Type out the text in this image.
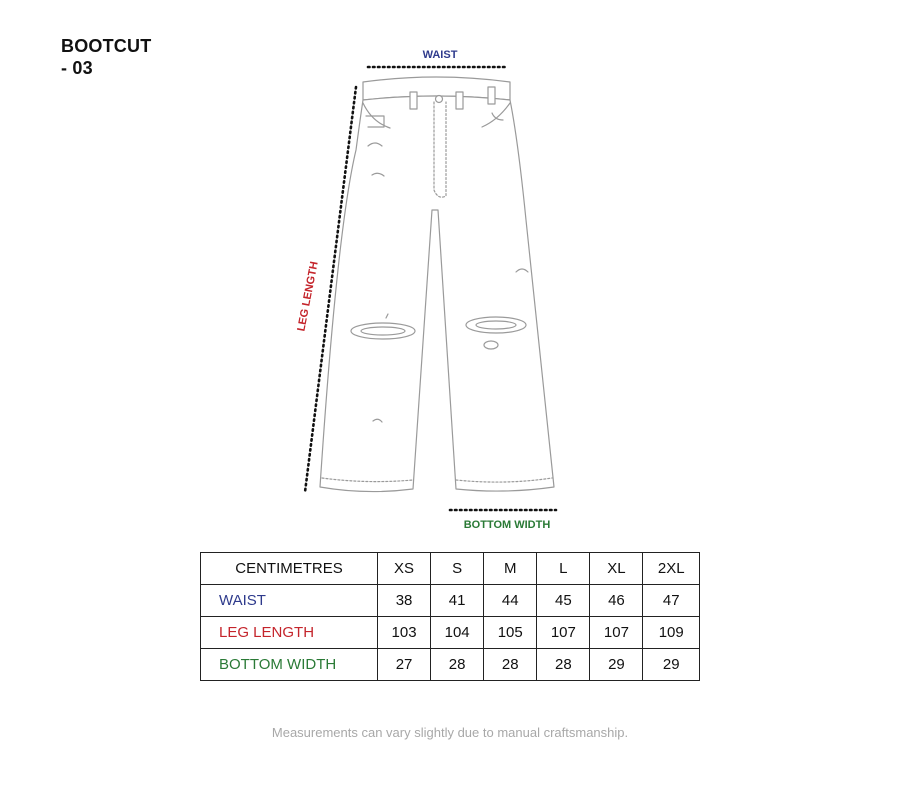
BOOTCUT
- 03
WAIST
LEG LENGTH
BOTTOM WIDTH
CENTIMETRES	XS	S	M	L	XL	2XL
WAIST	38	41	44	45	46	47
LEG LENGTH	103	104	105	107	107	109
BOTTOM WIDTH	27	28	28	28	29	29
Measurements can vary slightly due to manual craftsmanship.
